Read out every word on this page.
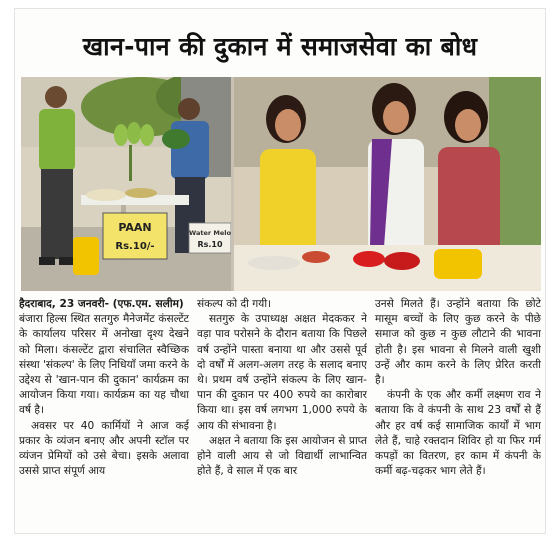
खान-पान की दुकान में समाजसेवा का बोध
PAAN
Rs.10/-
Water Melo
Rs.10

हैदराबाद, 23 जनवरी- (एफ.एम. सलीम)

बंजारा हिल्स स्थित सतगुरु मैनेजमेंट कंसल्टेंट के कार्यालय परिसर में अनोखा दृश्य देखने को मिला। कंसल्टेंट द्वारा संचालित स्वैच्छिक संस्था 'संकल्प' के लिए निधियाँ जमा करने के उद्देश्य से 'खान-पान की दुकान' कार्यक्रम का आयोजन किया गया। कार्यक्रम का यह चौथा वर्ष है।

अवसर पर 40 कार्मियों ने आज कई प्रकार के व्यंजन बनाए और अपनी स्टॉल पर व्यंजन प्रेमियों को उसे बेचा। इसके अलावा उससे प्राप्त संपूर्ण आय

संकल्प को दी गयी।

सतगुरु के उपाध्यक्ष अक्षत मेदककर ने वड़ा पाव परोसने के दौरान बताया कि पिछले वर्ष उन्होंने पास्ता बनाया था और उससे पूर्व दो वर्षों में अलग-अलग तरह के सलाद बनाए थे। प्रथम वर्ष उन्होंने संकल्प के लिए खान-पान की दुकान पर 400 रुपये का कारोबार किया था। इस वर्ष लगभग 1,000 रुपये के आय की संभावना है।

अक्षत ने बताया कि इस आयोजन से प्राप्त होने वाली आय से जो विद्यार्थी लाभान्वित होते हैं, वे साल में एक बार

उनसे मिलते हैं। उन्होंने बताया कि छोटे मासूम बच्चों के लिए कुछ करने के पीछे समाज को कुछ न कुछ लौटाने की भावना होती है। इस भावना से मिलने वाली खुशी उन्हें और काम करने के लिए प्रेरित करती है।

कंपनी के एक और कर्मी लक्ष्मण राव ने बताया कि वे कंपनी के साथ 23 वर्षों से हैं और हर वर्ष कई सामाजिक कार्यों में भाग लेते हैं, चाहे रक्तदान शिविर हो या फिर गर्म कपड़ों का वितरण, हर काम में कंपनी के कर्मी बढ़-चढ़कर भाग लेते हैं।
